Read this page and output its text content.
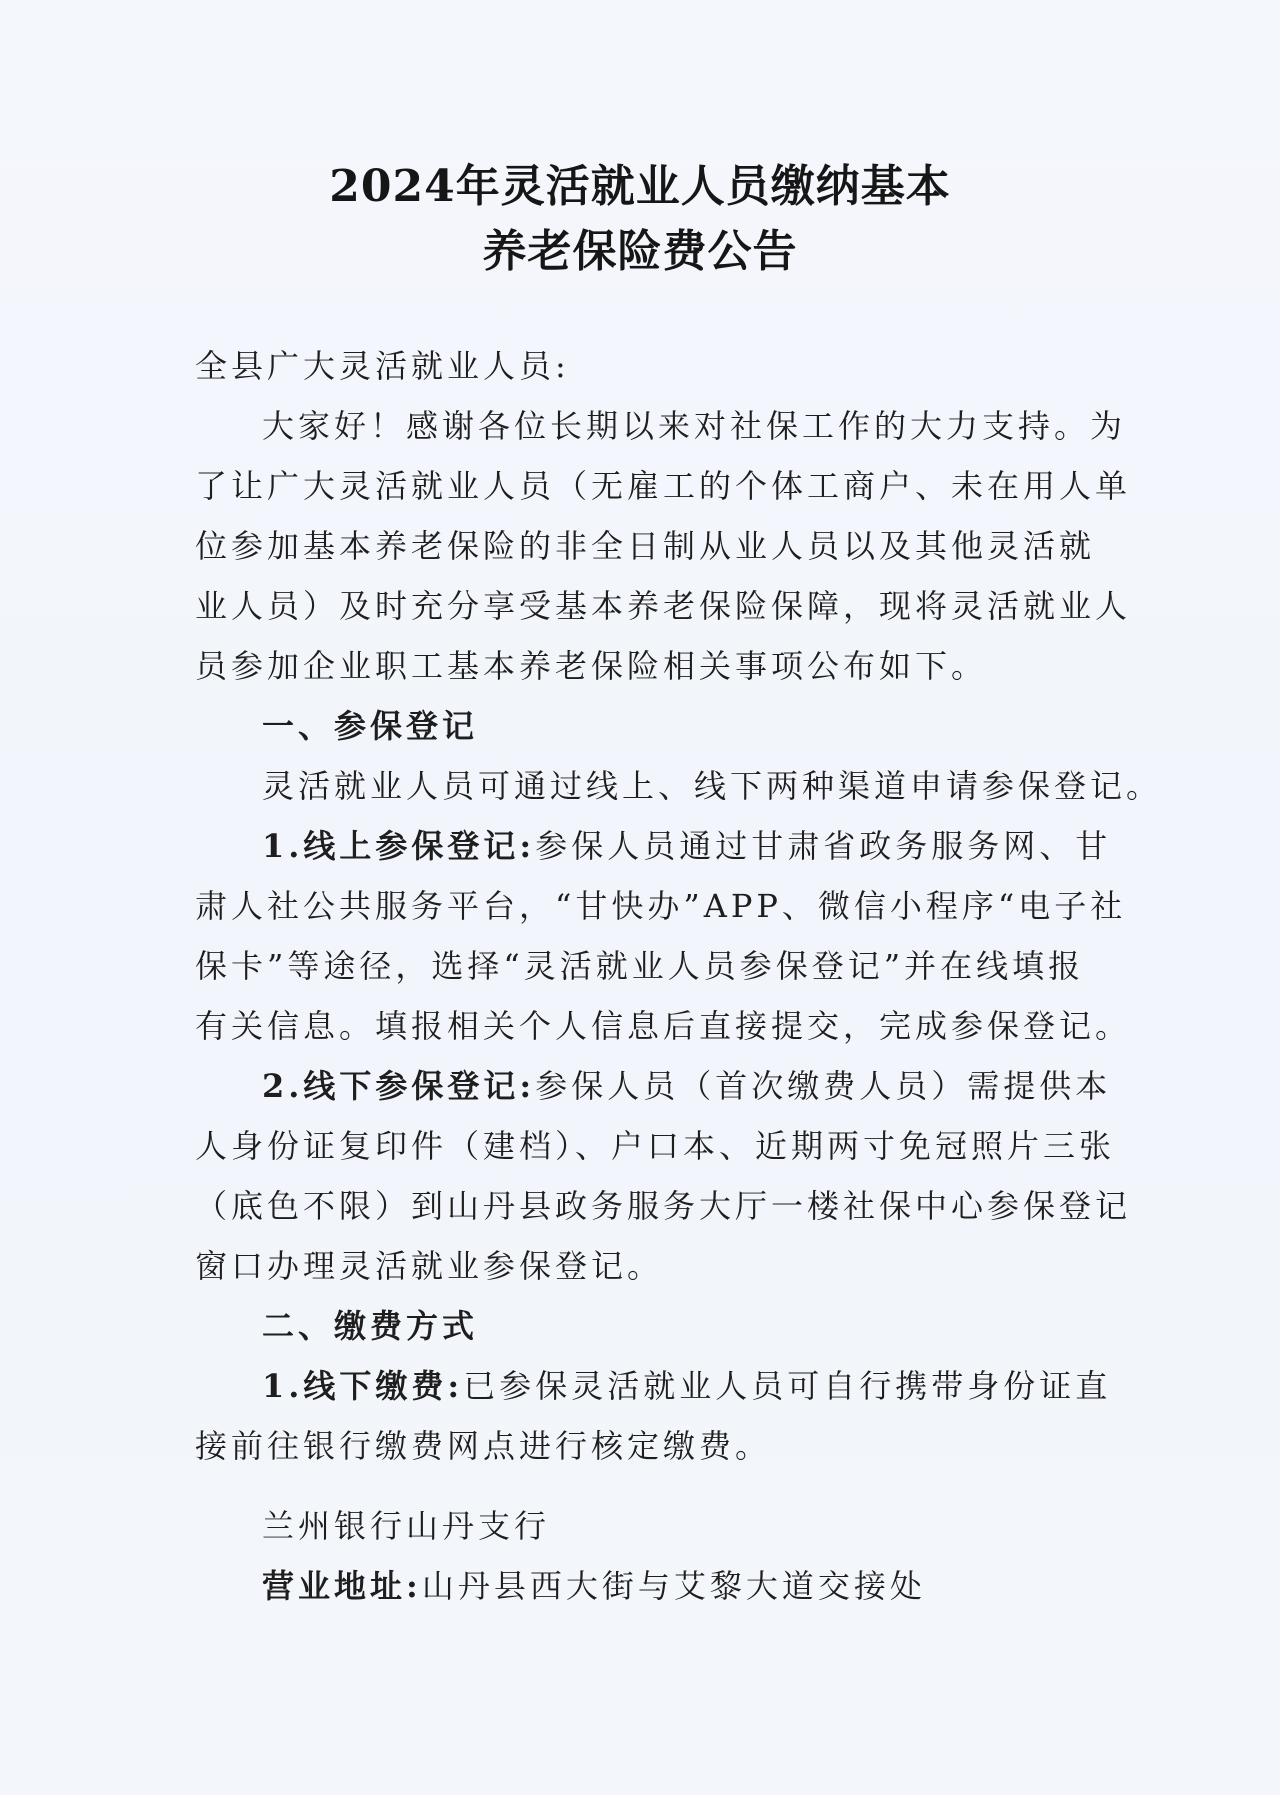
2024年灵活就业人员缴纳基本
养老保险费公告
全县广大灵活就业人员:
大家好！感谢各位长期以来对社保工作的大力支持。为
了让广大灵活就业人员（无雇工的个体工商户、未在用人单
位参加基本养老保险的非全日制从业人员以及其他灵活就
业人员）及时充分享受基本养老保险保障，现将灵活就业人
员参加企业职工基本养老保险相关事项公布如下。
一、参保登记
灵活就业人员可通过线上、线下两种渠道申请参保登记。
1.线上参保登记:参保人员通过甘肃省政务服务网、甘
肃人社公共服务平台，“甘快办”APP、微信小程序“电子社
保卡”等途径，选择“灵活就业人员参保登记”并在线填报
有关信息。填报相关个人信息后直接提交，完成参保登记。
2.线下参保登记:参保人员（首次缴费人员）需提供本
人身份证复印件（建档）、户口本、近期两寸免冠照片三张
（底色不限）到山丹县政务服务大厅一楼社保中心参保登记
窗口办理灵活就业参保登记。
二、缴费方式
1.线下缴费:已参保灵活就业人员可自行携带身份证直
接前往银行缴费网点进行核定缴费。
兰州银行山丹支行
营业地址:山丹县西大街与艾黎大道交接处
